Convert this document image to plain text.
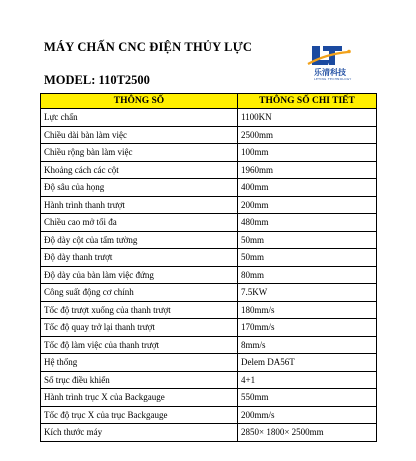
MÁY CHẤN CNC ĐIỆN THỦY LỰC
MODEL: 110T2500
乐清科技
LETING TECHNOLOGY
THÔNG SỐ	THÔNG SỐ CHI TIẾT
Lực chấn	1100KN
Chiều dài bàn làm việc	2500mm
Chiều rộng bàn làm việc	100mm
Khoảng cách các cột	1960mm
Độ sâu của họng	400mm
Hành trình thanh trượt	200mm
Chiều cao mở tối đa	480mm
Độ dày cột của tấm tường	50mm
Độ dày thanh trượt	50mm
Độ dày của bàn làm việc đứng	80mm
Công suất động cơ chính	7.5KW
Tốc độ trượt xuống của thanh trượt	180mm/s
Tốc độ quay trở lại thanh trượt	170mm/s
Tốc độ làm việc của thanh trượt	8mm/s
Hệ thống	Delem DA56T
Số trục điều khiển	4+1
Hành trình trục X của Backgauge	550mm
Tốc độ trục X của trục Backgauge	200mm/s
Kích thước máy	2850× 1800× 2500mm
